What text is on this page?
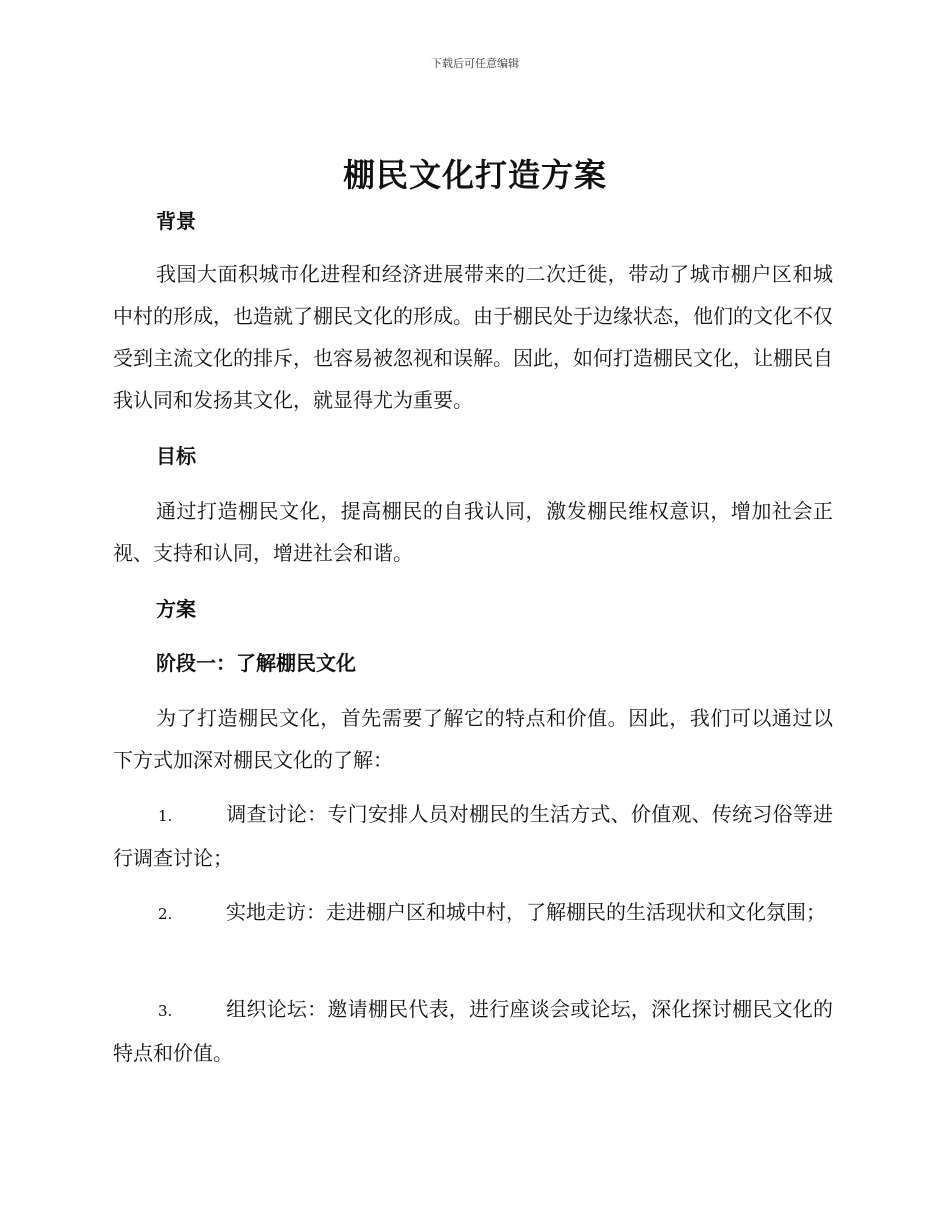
下载后可任意编辑
棚民文化打造方案
背景

我国大面积城市化进程和经济进展带来的二次迁徙，带动了城市棚户区和城中村的形成，也造就了棚民文化的形成。由于棚民处于边缘状态，他们的文化不仅受到主流文化的排斥，也容易被忽视和误解。因此，如何打造棚民文化，让棚民自我认同和发扬其文化，就显得尤为重要。

目标

通过打造棚民文化，提高棚民的自我认同，激发棚民维权意识，增加社会正视、支持和认同，增进社会和谐。

方案
阶段一：了解棚民文化

为了打造棚民文化，首先需要了解它的特点和价值。因此，我们可以通过以下方式加深对棚民文化的了解：

1.	调查讨论：专门安排人员对棚民的生活方式、价值观、传统习俗等进行调查讨论；

2.	实地走访：走进棚户区和城中村，了解棚民的生活现状和文化氛围；

3.	组织论坛：邀请棚民代表，进行座谈会或论坛，深化探讨棚民文化的特点和价值。
